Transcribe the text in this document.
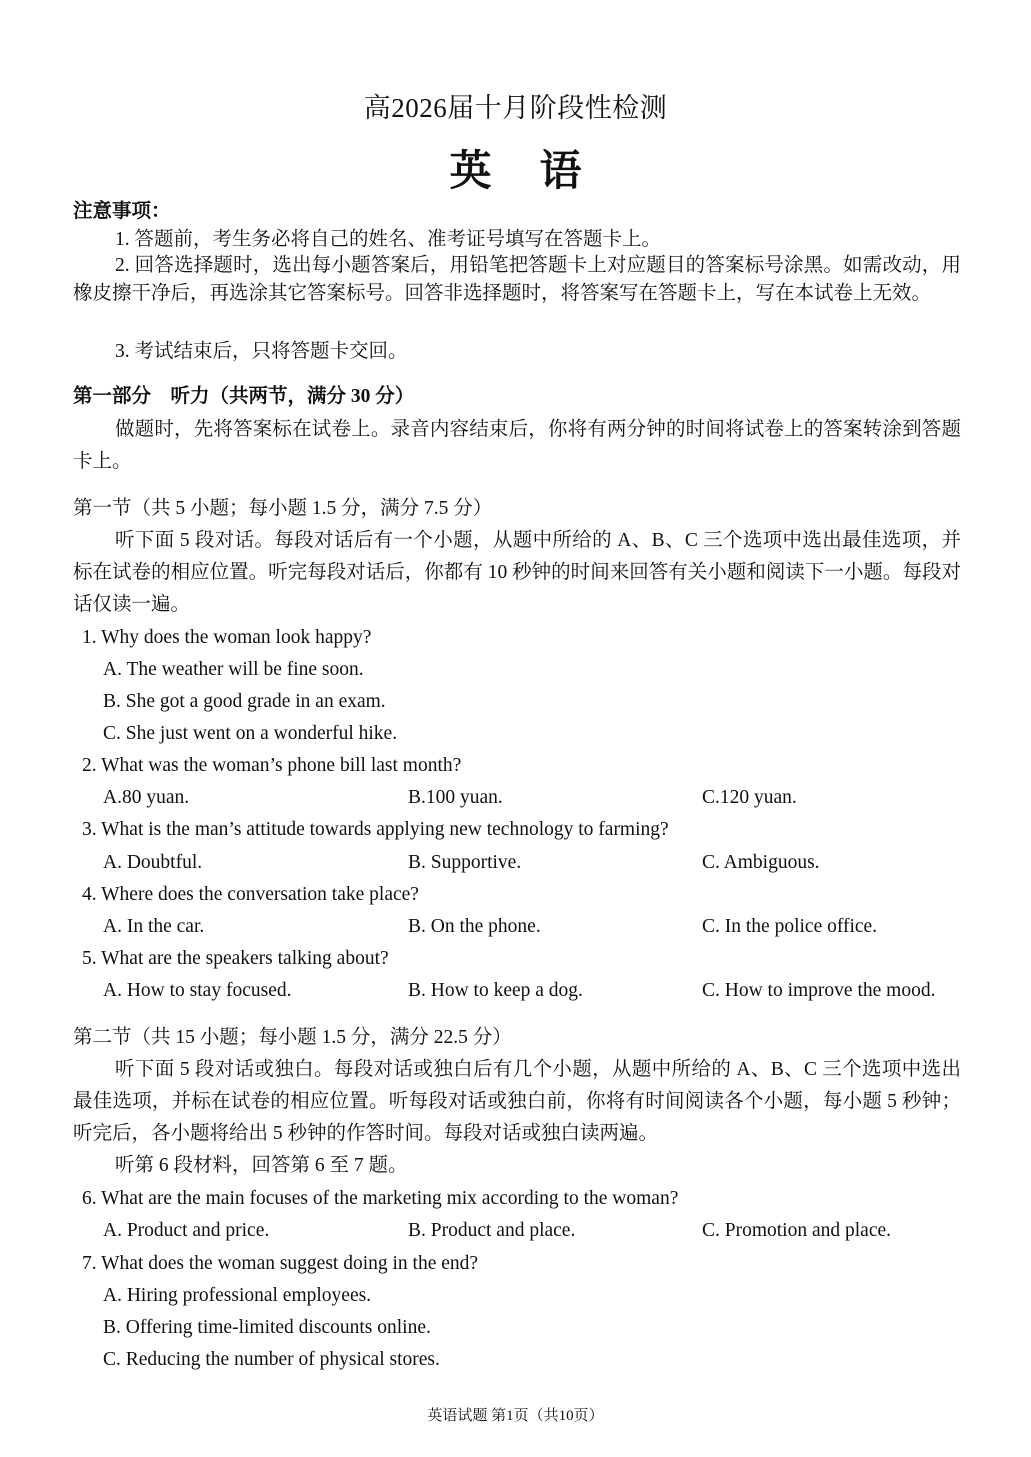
高2026届十月阶段性检测
英语
注意事项：
1. 答题前，考生务必将自己的姓名、准考证号填写在答题卡上。
2. 回答选择题时，选出每小题答案后，用铅笔把答题卡上对应题目的答案标号涂黑。如需改动，用橡皮擦干净后，再选涂其它答案标号。回答非选择题时，将答案写在答题卡上，写在本试卷上无效。
3. 考试结束后，只将答题卡交回。
第一部分　听力（共两节，满分 30 分）
做题时，先将答案标在试卷上。录音内容结束后，你将有两分钟的时间将试卷上的答案转涂到答题卡上。
第一节（共 5 小题；每小题 1.5 分，满分 7.5 分）
听下面 5 段对话。每段对话后有一个小题，从题中所给的 A、B、C 三个选项中选出最佳选项，并标在试卷的相应位置。听完每段对话后，你都有 10 秒钟的时间来回答有关小题和阅读下一小题。每段对话仅读一遍。
1. Why does the woman look happy?
A. The weather will be fine soon.
B. She got a good grade in an exam.
C. She just went on a wonderful hike.
2. What was the woman’s phone bill last month?
A.80 yuan.	B.100 yuan.	C.120 yuan.
3. What is the man’s attitude towards applying new technology to farming?
A. Doubtful.	B. Supportive.	C. Ambiguous.
4. Where does the conversation take place?
A. In the car.	B. On the phone.	C. In the police office.
5. What are the speakers talking about?
A. How to stay focused.	B. How to keep a dog.	C. How to improve the mood.
第二节（共 15 小题；每小题 1.5 分，满分 22.5 分）
听下面 5 段对话或独白。每段对话或独白后有几个小题，从题中所给的 A、B、C 三个选项中选出最佳选项，并标在试卷的相应位置。听每段对话或独白前，你将有时间阅读各个小题，每小题 5 秒钟；听完后，各小题将给出 5 秒钟的作答时间。每段对话或独白读两遍。
听第 6 段材料，回答第 6 至 7 题。
6. What are the main focuses of the marketing mix according to the woman?
A. Product and price.	B. Product and place.	C. Promotion and place.
7. What does the woman suggest doing in the end?
A. Hiring professional employees.
B. Offering time-limited discounts online.
C. Reducing the number of physical stores.
英语试题 第1页（共10页）
